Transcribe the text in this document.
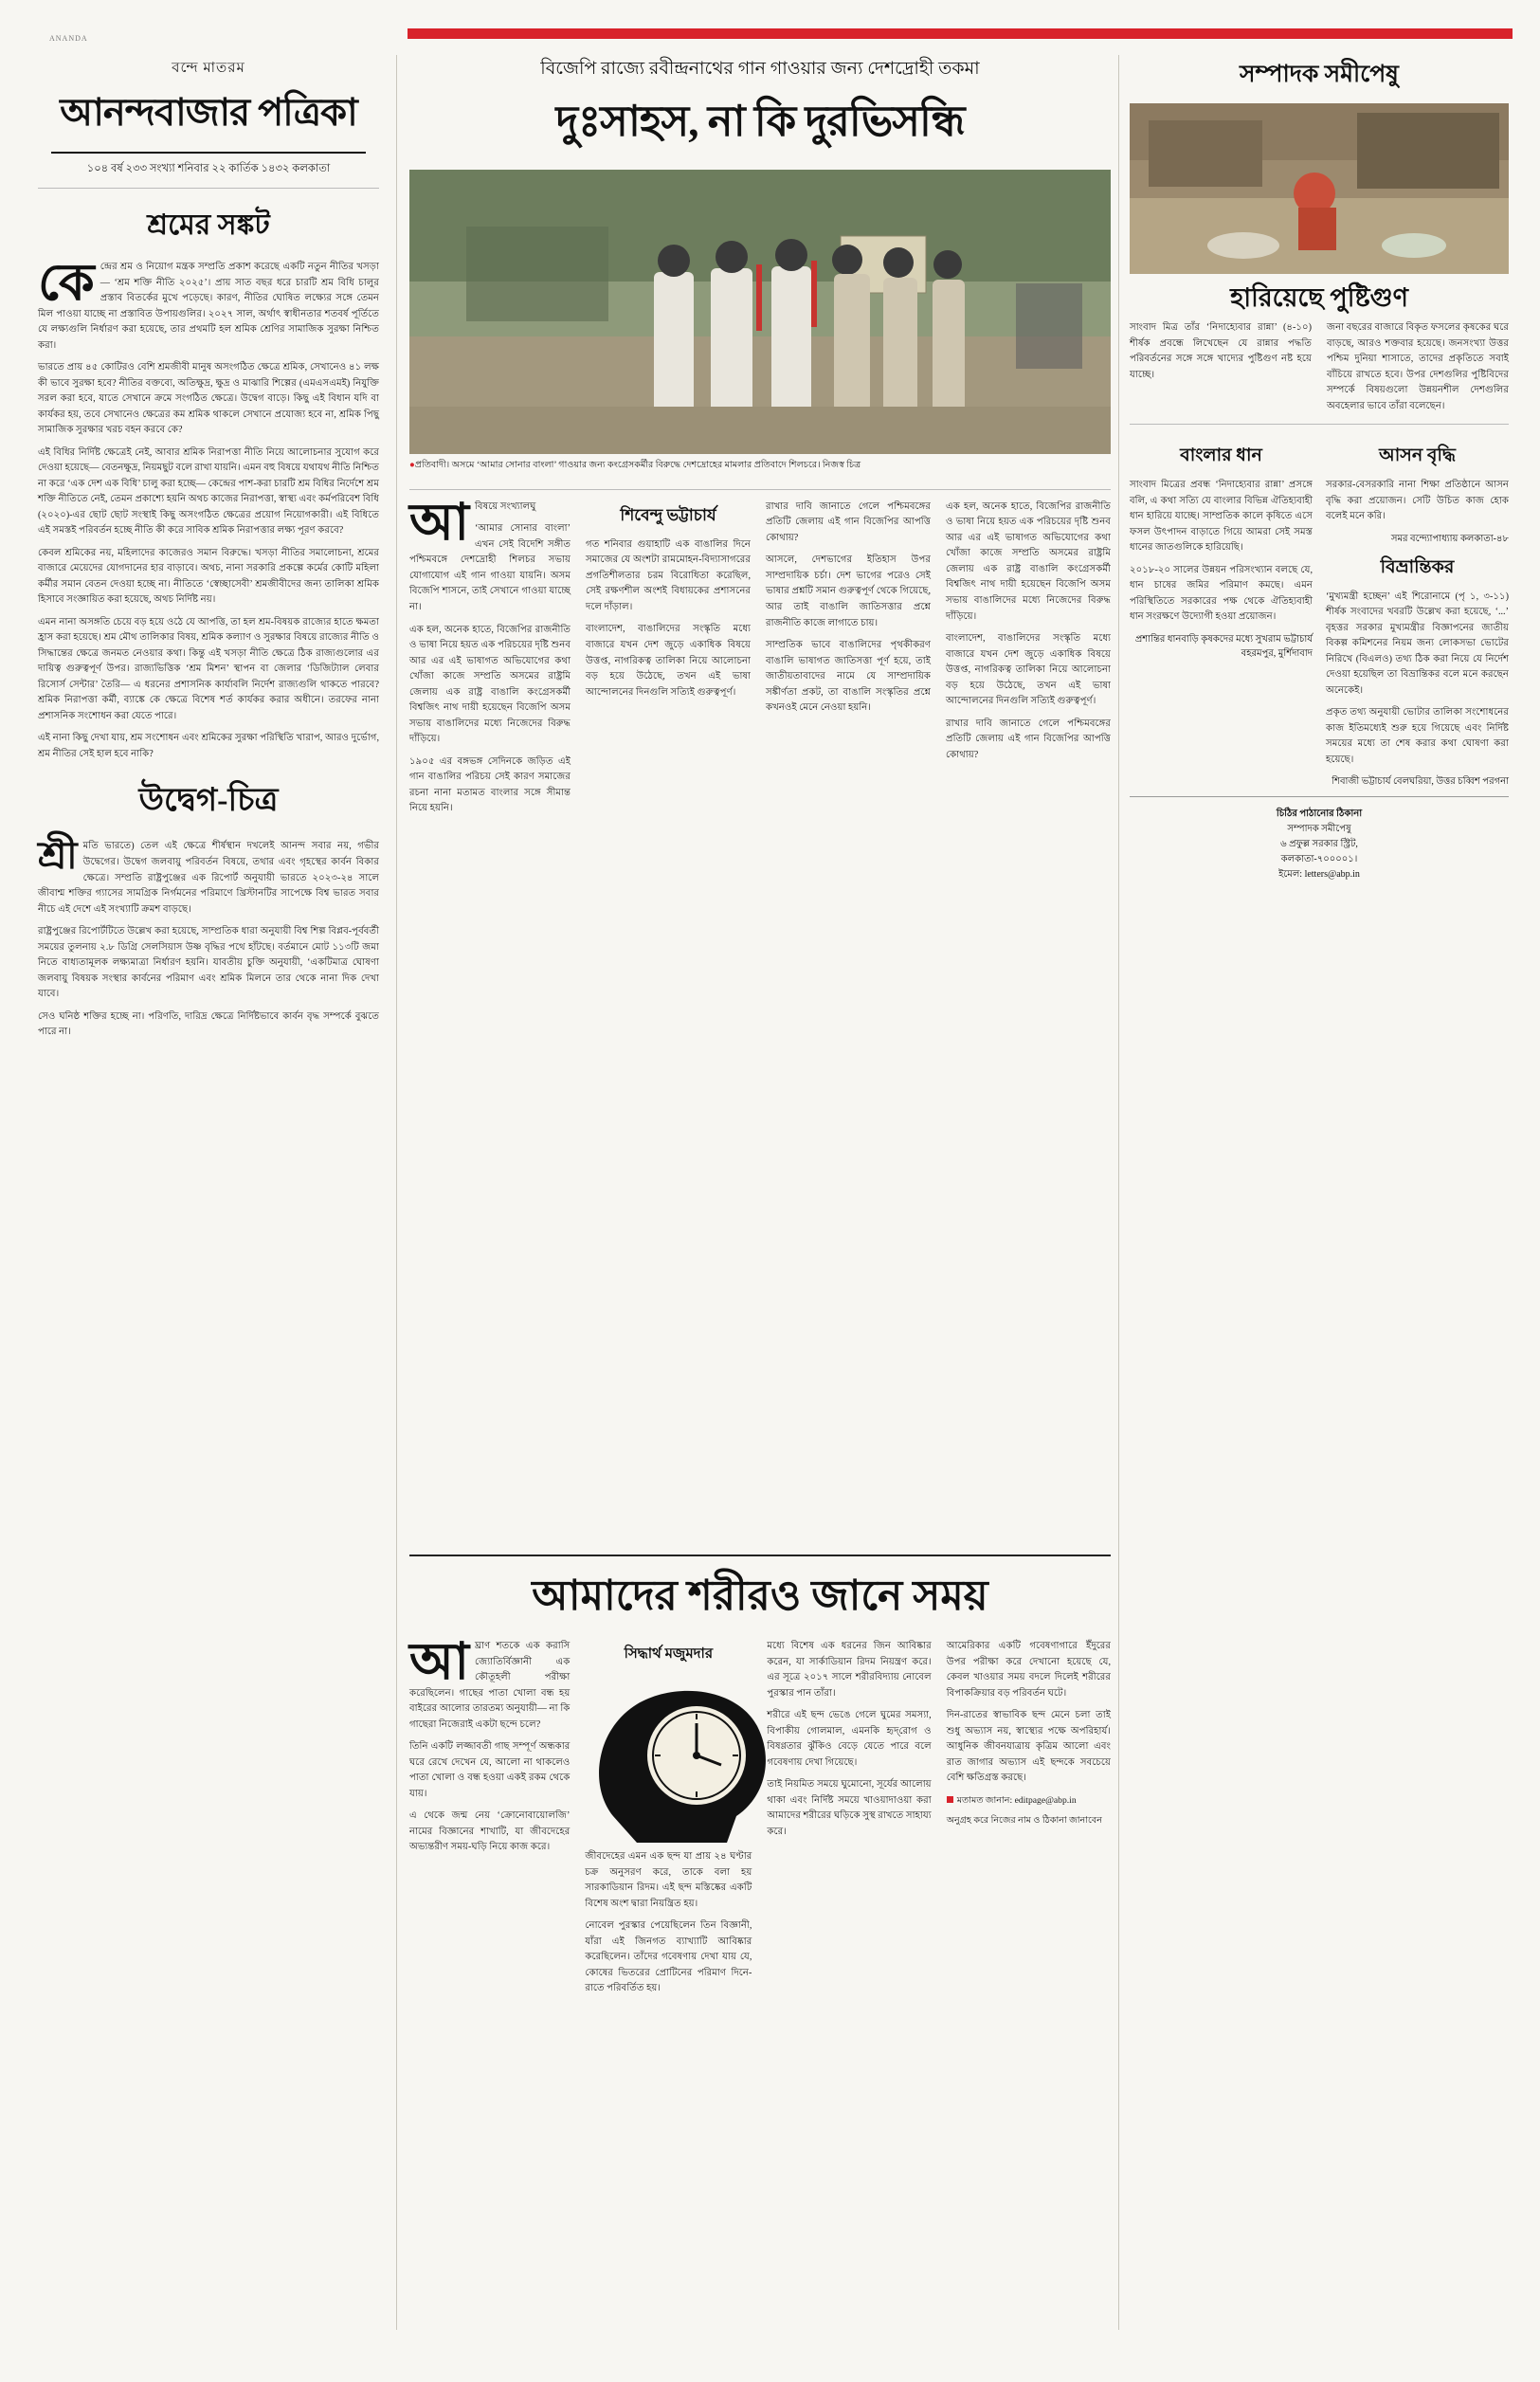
ANANDA
বন্দে মাতরম
আনন্দবাজার পত্রিকা
১০৪ বর্ষ ২৩৩ সংখ্যা শনিবার ২২ কার্তিক ১৪৩২ কলকাতা
শ্রমের সঙ্কট

কেন্দ্রের শ্রম ও নিয়োগ মন্ত্রক সম্প্রতি প্রকাশ করেছে একটি নতুন নীতির খসড়া— ‘শ্রম শক্তি নীতি ২০২৫’। প্রায় সাত বছর ধরে চারটি শ্রম বিধি চালুর প্রস্তাব বিতর্কের মুখে পড়েছে। কারণ, নীতির ঘোষিত লক্ষ্যের সঙ্গে তেমন মিল পাওয়া যাচ্ছে না প্রস্তাবিত উপায়গুলির। ২০২৭ সাল, অর্থাৎ স্বাধীনতার শতবর্ষ পূর্তিতে যে লক্ষ্যগুলি নির্ধারণ করা হয়েছে, তার প্রথমটি হল শ্রমিক শ্রেণির সামাজিক সুরক্ষা নিশ্চিত করা।

ভারতে প্রায় ৪৫ কোটিরও বেশি শ্রমজীবী মানুষ অসংগঠিত ক্ষেত্রে শ্রমিক, সেখানেও ৪১ লক্ষ কী ভাবে সুরক্ষা হবে? নীতির বক্তব্যে, অতিক্ষুদ্র, ক্ষুদ্র ও মাঝারি শিল্পের (এমএসএমই) নিযুক্তি সরল করা হবে, যাতে সেখানে ক্রমে সংগঠিত ক্ষেত্রে। উদ্বেগ বাড়ে। কিছু এই বিধান যদি বা কার্যকর হয়, তবে সেখানেও ক্ষেত্রের কম শ্রমিক থাকলে সেখানে প্রযোজ্য হবে না, শ্রমিক পিছু সামাজিক সুরক্ষার খরচ বহন করবে কে?

এই বিধির নির্দিষ্ট ক্ষেত্রেই নেই, আবার শ্রমিক নিরাপত্তা নীতি নিয়ে আলোচনার সুযোগ করে দেওয়া হয়েছে— বেতনক্ষুদ্র, নিয়মছুট বলে রাখা যায়নি। এমন বহু বিষয়ে যথাযথ নীতি নিশ্চিত না করে ‘এক দেশ এক বিধি’ চালু করা হচ্ছে— কেন্দ্রের পাশ-করা চারটি শ্রম বিধির নির্দেশে শ্রম শক্তি নীতিতে নেই, তেমন প্রকাশ্যে হয়নি অথচ কাজের নিরাপত্তা, স্বাস্থ্য এবং কর্মপরিবেশ বিধি (২০২০)-এর ছোট ছোট সংস্থাই কিছু অসংগঠিত ক্ষেত্রের প্রয়োগ নিয়োগকারী। এই বিধিতে এই সমস্তই পরিবর্তন হচ্ছে নীতি কী করে সাবিক শ্রমিক নিরাপত্তার লক্ষ্য পূরণ করবে?

কেবল শ্রমিকের নয়, মহিলাদের কাজেরও সমান বিরুদ্ধে। খসড়া নীতির সমালোচনা, শ্রমের বাজারে মেয়েদের যোগদানের হার বাড়াবে। অথচ, নানা সরকারি প্রকল্পে কর্মের কোটি মহিলা কর্মীর সমান বেতন দেওয়া হচ্ছে না। নীতিতে ‘স্বেচ্ছাসেবী’ শ্রমজীবীদের জন্য তালিকা শ্রমিক হিসাবে সংজ্ঞায়িত করা হয়েছে, অথচ নির্দিষ্ট নয়।

এমন নানা অসঙ্গতি চেয়ে বড় হয়ে ওঠে যে আপত্তি, তা হল শ্রম-বিষয়ক রাজ্যের হাতে ক্ষমতা হ্রাস করা হয়েছে। শ্রম মৌথ তালিকার বিষয়, শ্রমিক কল্যাণ ও সুরক্ষার বিষয়ে রাজ্যের নীতি ও সিদ্ধান্তের ক্ষেত্রে জনমত নেওয়ার কথা। কিন্তু এই খসড়া নীতি ক্ষেত্রে ঠিক রাজ্যগুলোর এর দায়িত্ব গুরুত্বপূর্ণ উপর। রাজ্যভিত্তিক ‘শ্রম মিশন’ স্থাপন বা জেলার ‘ডিজিট্যাল লেবার রিসোর্স সেন্টার’ তৈরি— এ ধরনের প্রশাসনিক কার্যাবলি নির্দেশ রাজ্যগুলি থাকতে পারবে? শ্রমিক নিরাপত্তা কর্মী, ব্যাঙ্কে কে ক্ষেত্রে বিশেষ শর্ত কার্যকর করার অধীনে। তরফের নানা প্রশাসনিক সংশোধন করা যেতে পারে।

এই নানা কিছু দেখা যায়, শ্রম সংশোধন এবং শ্রমিকের সুরক্ষা পরিস্থিতি খারাপ, আরও দুর্ভোগ, শ্রম নীতির সেই হাল হবে নাকি?

উদ্বেগ-চিত্র

শ্রী মতি ভারতে) তেল এই ক্ষেত্রে শীর্ষস্থান দখলেই আনন্দ সবার নয়, গভীর উদ্বেগের। উদ্বেগ জলবায়ু পরিবর্তন বিষয়ে, তথার এবং গৃহস্থের কার্বন বিকার ক্ষেত্রে। সম্প্রতি রাষ্ট্রপুঞ্জের এক রিপোর্ট অনুযায়ী ভারতে ২০২৩-২৪ সালে জীবাশ্ম শক্তির গ্যাসের সামগ্রিক নির্গমনের পরিমাণে খ্রিস্টানটির সাপেক্ষে বিশ্ব ভারত সবার নীচে এই দেশে এই সংখ্যাটি ক্রমশ বাড়ছে।

রাষ্ট্রপুঞ্জের রিপোর্টটিতে উল্লেখ করা হয়েছে, সাম্প্রতিক ধারা অনুযায়ী বিশ্ব শিল্প বিপ্লব-পূর্ববর্তী সময়ের তুলনায় ২.৮ ডিগ্রি সেলসিয়াস উষ্ণ বৃদ্ধির পথে হাঁটছে। বর্তমানে মোট ১১৩টি জমা নিতে বাধ্যতামূলক লক্ষ্যমাত্রা নির্ধারণ হয়নি। যাবতীয় চুক্তি অনুযায়ী, ‘একটিমাত্র ঘোষণা জলবায়ু বিষয়ক সংস্থার কার্বনের পরিমাণ এবং শ্রমিক মিলনে তার থেকে নানা দিক দেখা যাবে।

সেও ঘনিষ্ঠ শক্তির হচ্ছে না। পরিণতি, দারিদ্র ক্ষেত্রে নির্দিষ্টভাবে কার্বন বৃদ্ধ সম্পর্কে বুঝতে পারে না।

বিজেপি রাজ্যে রবীন্দ্রনাথের গান গাওয়ার জন্য দেশদ্রোহী তকমা
দুঃসাহস, না কি দুরভিসন্ধি
●প্রতিবাদী। অসমে ‘আমার সোনার বাংলা’ গাওয়ার জন্য কংগ্রেসকর্মীর বিরুদ্ধে দেশদ্রোহের মামলার প্রতিবাদে শিলচরে। নিজস্ব চিত্র

আবিষয়ে সংখ্যালঘু

‘আমার সোনার বাংলা’ এখন সেই বিদেশি সঙ্গীত পশ্চিমবঙ্গে দেশদ্রোহী শিলচর সভায় যোগাযোগ এই গান গাওয়া যায়নি। অসম বিজেপি শাসনে, তাই সেখানে গাওয়া যাচ্ছে না।

এক হল, অনেক হাতে, বিজেপির রাজনীতি ও ভাষা নিয়ে হয়ত এক পরিচয়ের দৃষ্টি শুনব আর এর এই ভাষাগত অভিযোগের কথা খোঁজা কাজে সম্প্রতি অসমের রাষ্ট্রমি জেলায় এক রাষ্ট্র বাঙালি কংগ্রেসকর্মী বিশ্বজিৎ নাথ দায়ী হয়েছেন বিজেপি অসম সভায় বাঙালিদের মধ্যে নিজেদের বিরুদ্ধ দাঁড়িয়ে।

১৯০৫ এর বঙ্গভঙ্গ সেদিনকে জড়িত এই গান বাঙালির পরিচয় সেই কারণ সমাজের রচনা নানা মতামত বাংলার সঙ্গে সীমান্ত নিয়ে হয়নি।

শিবেন্দু ভট্টাচার্য

গত শনিবার গুয়াহাটি এক বাঙালির দিনে সমাজের যে অংশটা রামমোহন-বিদ্যাসাগরের প্রগতিশীলতার চরম বিরোধিতা করেছিল, সেই রক্ষণশীল অংশই বিধায়কের প্রশাসনের দলে দাঁড়াল।

বাংলাদেশ, বাঙালিদের সংস্কৃতি মধ্যে বাজারে যখন দেশ জুড়ে একাধিক বিষয়ে উত্তপ্ত, নাগরিকত্ব তালিকা নিয়ে আলোচনা বড় হয়ে উঠেছে, তখন এই ভাষা আন্দোলনের দিনগুলি সত্যিই গুরুত্বপূর্ণ।

রাখার দাবি জানাতে গেলে পশ্চিমবঙ্গের প্রতিটি জেলায় এই গান বিজেপির আপত্তি কোথায়?

আসলে, দেশভাগের ইতিহাস উপর সাম্প্রদায়িক চর্চা। দেশ ভাগের পরেও সেই ভাষার প্রশ্নটি সমান গুরুত্বপূর্ণ থেকে গিয়েছে, আর তাই বাঙালি জাতিসত্তার প্রশ্নে রাজনীতি কাজে লাগাতে চায়।

সাম্প্রতিক ভাবে বাঙালিদের পৃথকীকরণ বাঙালি ভাষাগত জাতিসত্তা পূর্ণ হয়ে, তাই জাতীয়তাবাদের নামে যে সাম্প্রদায়িক সঙ্কীর্ণতা প্রকট, তা বাঙালি সংস্কৃতির প্রশ্নে কখনওই মেনে নেওয়া হয়নি।

এক হল, অনেক হাতে, বিজেপির রাজনীতি ও ভাষা নিয়ে হয়ত এক পরিচয়ের দৃষ্টি শুনব আর এর এই ভাষাগত অভিযোগের কথা খোঁজা কাজে সম্প্রতি অসমের রাষ্ট্রমি জেলায় এক রাষ্ট্র বাঙালি কংগ্রেসকর্মী বিশ্বজিৎ নাথ দায়ী হয়েছেন বিজেপি অসম সভায় বাঙালিদের মধ্যে নিজেদের বিরুদ্ধ দাঁড়িয়ে।

বাংলাদেশ, বাঙালিদের সংস্কৃতি মধ্যে বাজারে যখন দেশ জুড়ে একাধিক বিষয়ে উত্তপ্ত, নাগরিকত্ব তালিকা নিয়ে আলোচনা বড় হয়ে উঠেছে, তখন এই ভাষা আন্দোলনের দিনগুলি সত্যিই গুরুত্বপূর্ণ।

রাখার দাবি জানাতে গেলে পশ্চিমবঙ্গের প্রতিটি জেলায় এই গান বিজেপির আপত্তি কোথায়?

সম্পাদক সমীপেষু
হারিয়েছে পুষ্টিগুণ

সাংবাদ মিত্র তাঁর ‘নিদাহ্যেবার রান্না’ (৪-১০) শীর্ষক প্রবন্ধে লিখেছেন যে রান্নার পদ্ধতি পরিবর্তনের সঙ্গে সঙ্গে খাদ্যের পুষ্টিগুণ নষ্ট হয়ে যাচ্ছে।

জনা বছরের বাজারে বিকৃত ফসলের কৃষকের ঘরে বাড়ছে, আরও শক্তবার হয়েছে। জনসংখ্যা উত্তর পশ্চিম দুনিয়া শাসাতে, তাদের প্রকৃতিতে সবাই বাঁচিয়ে রাখতে হবে। উপর দেশগুলির পুষ্টিবিদের সম্পর্কে বিষয়গুলো উন্নয়নশীল দেশগুলির অবহেলার ভাবে তাঁরা বলেছেন।

বাংলার ধান

সাংবাদ মিত্রের প্রবন্ধ ‘নিদাহ্যেবার রান্না’ প্রসঙ্গে বলি, এ কথা সত্যি যে বাংলার বিভিন্ন ঐতিহ্যবাহী ধান হারিয়ে যাচ্ছে। সাম্প্রতিক কালে কৃষিতে এসে ফসল উৎপাদন বাড়াতে গিয়ে আমরা সেই সমস্ত ধানের জাতগুলিকে হারিয়েছি।

২০১৮-২০ সালের উন্নয়ন পরিসংখ্যান বলছে যে, ধান চাষের জমির পরিমাণ কমছে। এমন পরিস্থিতিতে সরকারের পক্ষ থেকে ঐতিহ্যবাহী ধান সংরক্ষণে উদ্যোগী হওয়া প্রয়োজন।

প্রশান্তির ধানবাড়ি কৃষকদের মধ্যে সুখরাম ভট্টাচার্য বহরমপুর, মুর্শিদাবাদ
আসন বৃদ্ধি

সরকার-বেসরকারি নানা শিক্ষা প্রতিষ্ঠানে আসন বৃদ্ধি করা প্রয়োজন। সেটি উচিত কাজ হোক বলেই মনে করি।

সমর বন্দ্যোপাধ্যায় কলকাতা-৪৮
বিভ্রান্তিকর

‘মুখ্যমন্ত্রী হচ্ছেন’ এই শিরোনামে (পৃ ১, ৩-১১) শীর্ষক সংবাদের খবরটি উল্লেখ করা হয়েছে, ‘...’ বৃহত্তর সরকার মুখ্যমন্ত্রীর বিজ্ঞাপনের জাতীয় বিকল্প কমিশনের নিয়ম জন্য লোকসভা ভোটের নিরিখে (বিএলও) তথ্য ঠিক করা নিয়ে যে নির্দেশ দেওয়া হয়েছিল তা বিভ্রান্তিকর বলে মনে করছেন অনেকেই।

প্রকৃত তথ্য অনুযায়ী ভোটার তালিকা সংশোধনের কাজ ইতিমধ্যেই শুরু হয়ে গিয়েছে এবং নির্দিষ্ট সময়ের মধ্যে তা শেষ করার কথা ঘোষণা করা হয়েছে।

শিবাজী ভট্টাচার্য বেলঘরিয়া, উত্তর চব্বিশ পরগনা
চিঠির পাঠানোর ঠিকানা
সম্পাদক সমীপেষু
৬ প্রফুল্ল সরকার স্ট্রিট,
কলকাতা-৭০০০০১।
ইমেল: letters@abp.in
আমাদের শরীরও জানে সময়

আঘ্রাণ শতকে এক করাসি জ্যোতির্বিজ্ঞানী এক কৌতূহলী পরীক্ষা করেছিলেন। গাছের পাতা খোলা বন্ধ হয় বাইরের আলোর তারতম্য অনুযায়ী— না কি গাছেরা নিজেরাই একটা ছন্দে চলে?

তিনি একটি লজ্জাবতী গাছ সম্পূর্ণ অন্ধকার ঘরে রেখে দেখেন যে, আলো না থাকলেও পাতা খোলা ও বন্ধ হওয়া একই রকম থেকে যায়।

এ থেকে জন্ম নেয় ‘ক্রোনোবায়োলজি’ নামের বিজ্ঞানের শাখাটি, যা জীবদেহের অভ্যন্তরীণ সময়-ঘড়ি নিয়ে কাজ করে।

সিদ্ধার্থ মজুমদার

জীবদেহের এমন এক ছন্দ যা প্রায় ২৪ ঘণ্টার চক্র অনুসরণ করে, তাকে বলা হয় সারকাডিয়ান রিদম। এই ছন্দ মস্তিষ্কের একটি বিশেষ অংশ দ্বারা নিয়ন্ত্রিত হয়।

নোবেল পুরস্কার পেয়েছিলেন তিন বিজ্ঞানী, যাঁরা এই জিনগত ব্যাখ্যাটি আবিষ্কার করেছিলেন। তাঁদের গবেষণায় দেখা যায় যে, কোষের ভিতরের প্রোটিনের পরিমাণ দিনে-রাতে পরিবর্তিত হয়।

মধ্যে বিশেষ এক ধরনের জিন আবিষ্কার করেন, যা সার্কাডিয়ান রিদম নিয়ন্ত্রণ করে। এর সূত্রে ২০১৭ সালে শরীরবিদ্যায় নোবেল পুরস্কার পান তাঁরা।

শরীরে এই ছন্দ ভেঙে গেলে ঘুমের সমস্যা, বিপাকীয় গোলমাল, এমনকি হৃদ্‌রোগ ও বিষণ্ণতার ঝুঁকিও বেড়ে যেতে পারে বলে গবেষণায় দেখা গিয়েছে।

তাই নিয়মিত সময়ে ঘুমোনো, সূর্যের আলোয় থাকা এবং নির্দিষ্ট সময়ে খাওয়াদাওয়া করা আমাদের শরীরের ঘড়িকে সুস্থ রাখতে সাহায্য করে।

আমেরিকার একটি গবেষণাগারে ইঁদুরের উপর পরীক্ষা করে দেখানো হয়েছে যে, কেবল খাওয়ার সময় বদলে দিলেই শরীরের বিপাকক্রিয়ার বড় পরিবর্তন ঘটে।

দিন-রাতের স্বাভাবিক ছন্দ মেনে চলা তাই শুধু অভ্যাস নয়, স্বাস্থ্যের পক্ষে অপরিহার্য। আধুনিক জীবনযাত্রায় কৃত্রিম আলো এবং রাত জাগার অভ্যাস এই ছন্দকে সবচেয়ে বেশি ক্ষতিগ্রস্ত করছে।

মতামত জানান: editpage@abp.in
অনুগ্রহ করে নিজের নাম ও ঠিকানা জানাবেন
